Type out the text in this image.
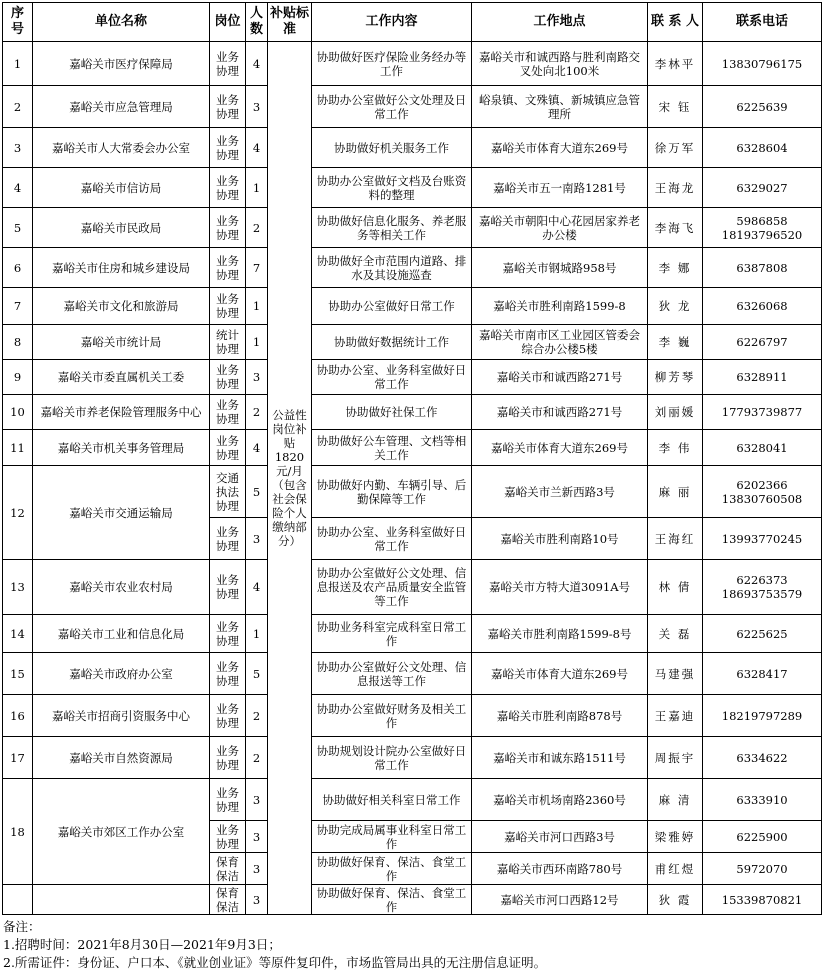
序号	单位名称	岗位	人数	补贴标准	工作内容	工作地点	联 系 人	联系电话
1	嘉峪关市医疗保障局	业务协理	4	公益性岗位补贴1820元/月（包含社会保险个人缴纳部分）	协助做好医疗保险业务经办等工作	嘉峪关市和诚西路与胜利南路交叉处向北100米	李林平	13830796175
2	嘉峪关市应急管理局	业务协理	3		协助办公室做好公文处理及日常工作	峪泉镇、文殊镇、新城镇应急管理所	宋 钰	6225639
3	嘉峪关市人大常委会办公室	业务协理	4		协助做好机关服务工作	嘉峪关市体育大道东269号	徐万军	6328604
4	嘉峪关市信访局	业务协理	1		协助办公室做好文档及台账资料的整理	嘉峪关市五一南路1281号	王海龙	6329027
5	嘉峪关市民政局	业务协理	2		协助做好信息化服务、养老服务等相关工作	嘉峪关市朝阳中心花园居家养老办公楼	李海飞	5986858
18193796520
6	嘉峪关市住房和城乡建设局	业务协理	7		协助做好全市范围内道路、排水及其设施巡查	嘉峪关市钢城路958号	李 娜	6387808
7	嘉峪关市文化和旅游局	业务协理	1		协助办公室做好日常工作	嘉峪关市胜利南路1599-8	狄 龙	6326068
8	嘉峪关市统计局	统计协理	1		协助做好数据统计工作	嘉峪关市南市区工业园区管委会综合办公楼5楼	李 巍	6226797
9	嘉峪关市委直属机关工委	业务协理	3		协助办公室、业务科室做好日常工作	嘉峪关市和诚西路271号	柳芳琴	6328911
10	嘉峪关市养老保险管理服务中心	业务协理	2		协助做好社保工作	嘉峪关市和诚西路271号	刘丽媛	17793739877
11	嘉峪关市机关事务管理局	业务协理	4		协助做好公车管理、文档等相关工作	嘉峪关市体育大道东269号	李 伟	6328041
12	嘉峪关市交通运输局	交通执法协理	5		协助做好内勤、车辆引导、后勤保障等工作	嘉峪关市兰新西路3号	麻 丽	6202366
13830760508
		业务协理	3		协助办公室、业务科室做好日常工作	嘉峪关市胜利南路10号	王海红	13993770245
13	嘉峪关市农业农村局	业务协理	4		协助办公室做好公文处理、信息报送及农产品质量安全监管等工作	嘉峪关市方特大道3091A号	林 倩	6226373
18693753579
14	嘉峪关市工业和信息化局	业务协理	1		协助业务科室完成科室日常工作	嘉峪关市胜利南路1599-8号	关 磊	6225625
15	嘉峪关市政府办公室	业务协理	5		协助办公室做好公文处理、信息报送等工作	嘉峪关市体育大道东269号	马建强	6328417
16	嘉峪关市招商引资服务中心	业务协理	2		协助办公室做好财务及相关工作	嘉峪关市胜利南路878号	王嘉迪	18219797289
17	嘉峪关市自然资源局	业务协理	2		协助规划设计院办公室做好日常工作	嘉峪关市和诚东路1511号	周振宇	6334622
18	嘉峪关市郊区工作办公室	业务协理	3		协助做好相关科室日常工作	嘉峪关市机场南路2360号	麻 清	6333910
		业务协理	3		协助完成局属事业科室日常工作	嘉峪关市河口西路3号	梁雅婷	6225900
		保育保洁	3		协助做好保育、保洁、食堂工作	嘉峪关市西环南路780号	甫红煜	5972070
		保育保洁	3		协助做好保育、保洁、食堂工作	嘉峪关市河口西路12号	狄 霞	15339870821
备注：
1.招聘时间：2021年8月30日—2021年9月3日；
2.所需证件：身份证、户口本、《就业创业证》等原件复印件，市场监管局出具的无注册信息证明。
